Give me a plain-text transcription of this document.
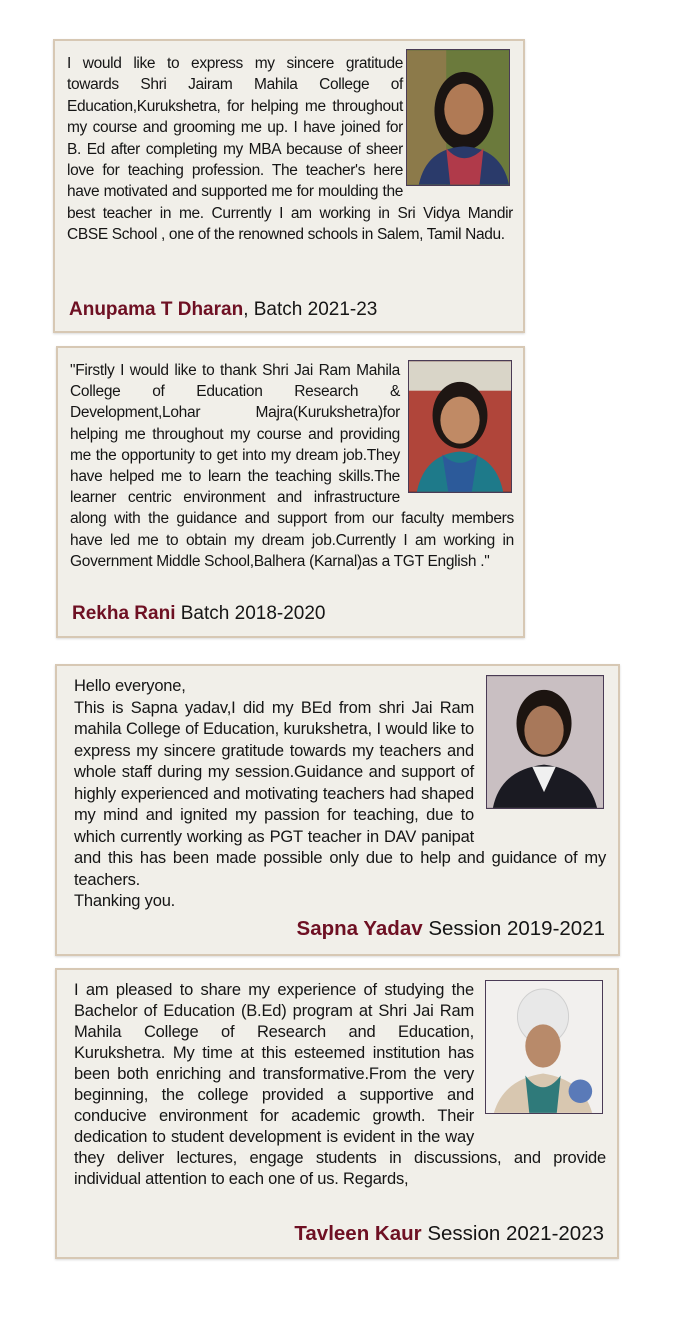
I would like to express my sincere gratitude towards Shri Jairam Mahila College of Education,Kurukshetra, for helping me throughout my course and grooming me up. I have joined for B. Ed after completing my MBA because of sheer love for teaching profession. The teacher's here have motivated and supported me for moulding the best teacher in me. Currently I am working in Sri Vidya Mandir CBSE School , one of the renowned schools in Salem, Tamil Nadu.

Anupama T Dharan, Batch 2021-23

"Firstly I would like to thank Shri Jai Ram Mahila College of Education Research & Development,Lohar Majra(Kurukshetra)for helping me throughout my course and providing me the opportunity to get into my dream job.They have helped me to learn the teaching skills.The learner centric environment and infrastructure along with the guidance and support from our faculty members have led me to obtain my dream job.Currently I am working in Government Middle School,Balhera (Karnal)as a TGT English ."

Rekha Rani Batch 2018-2020

Hello everyone,
This is Sapna yadav,I did my BEd from shri Jai Ram mahila College of Education, kurukshetra, I would like to express my sincere gratitude towards my teachers and whole staff during my session.Guidance and support of highly experienced and motivating teachers had shaped my mind and ignited my passion for teaching, due to which currently working as PGT teacher in DAV panipat and this has been made possible only due to help and guidance of my teachers.
Thanking you.

Sapna Yadav Session 2019-2021

I am pleased to share my experience of studying the Bachelor of Education (B.Ed) program at Shri Jai Ram Mahila College of Research and Education, Kurukshetra. My time at this esteemed institution has been both enriching and transformative.From the very beginning, the college provided a supportive and conducive environment for academic growth. Their dedication to student development is evident in the way they deliver lectures, engage students in discussions, and provide individual attention to each one of us. Regards,

Tavleen Kaur Session 2021-2023
